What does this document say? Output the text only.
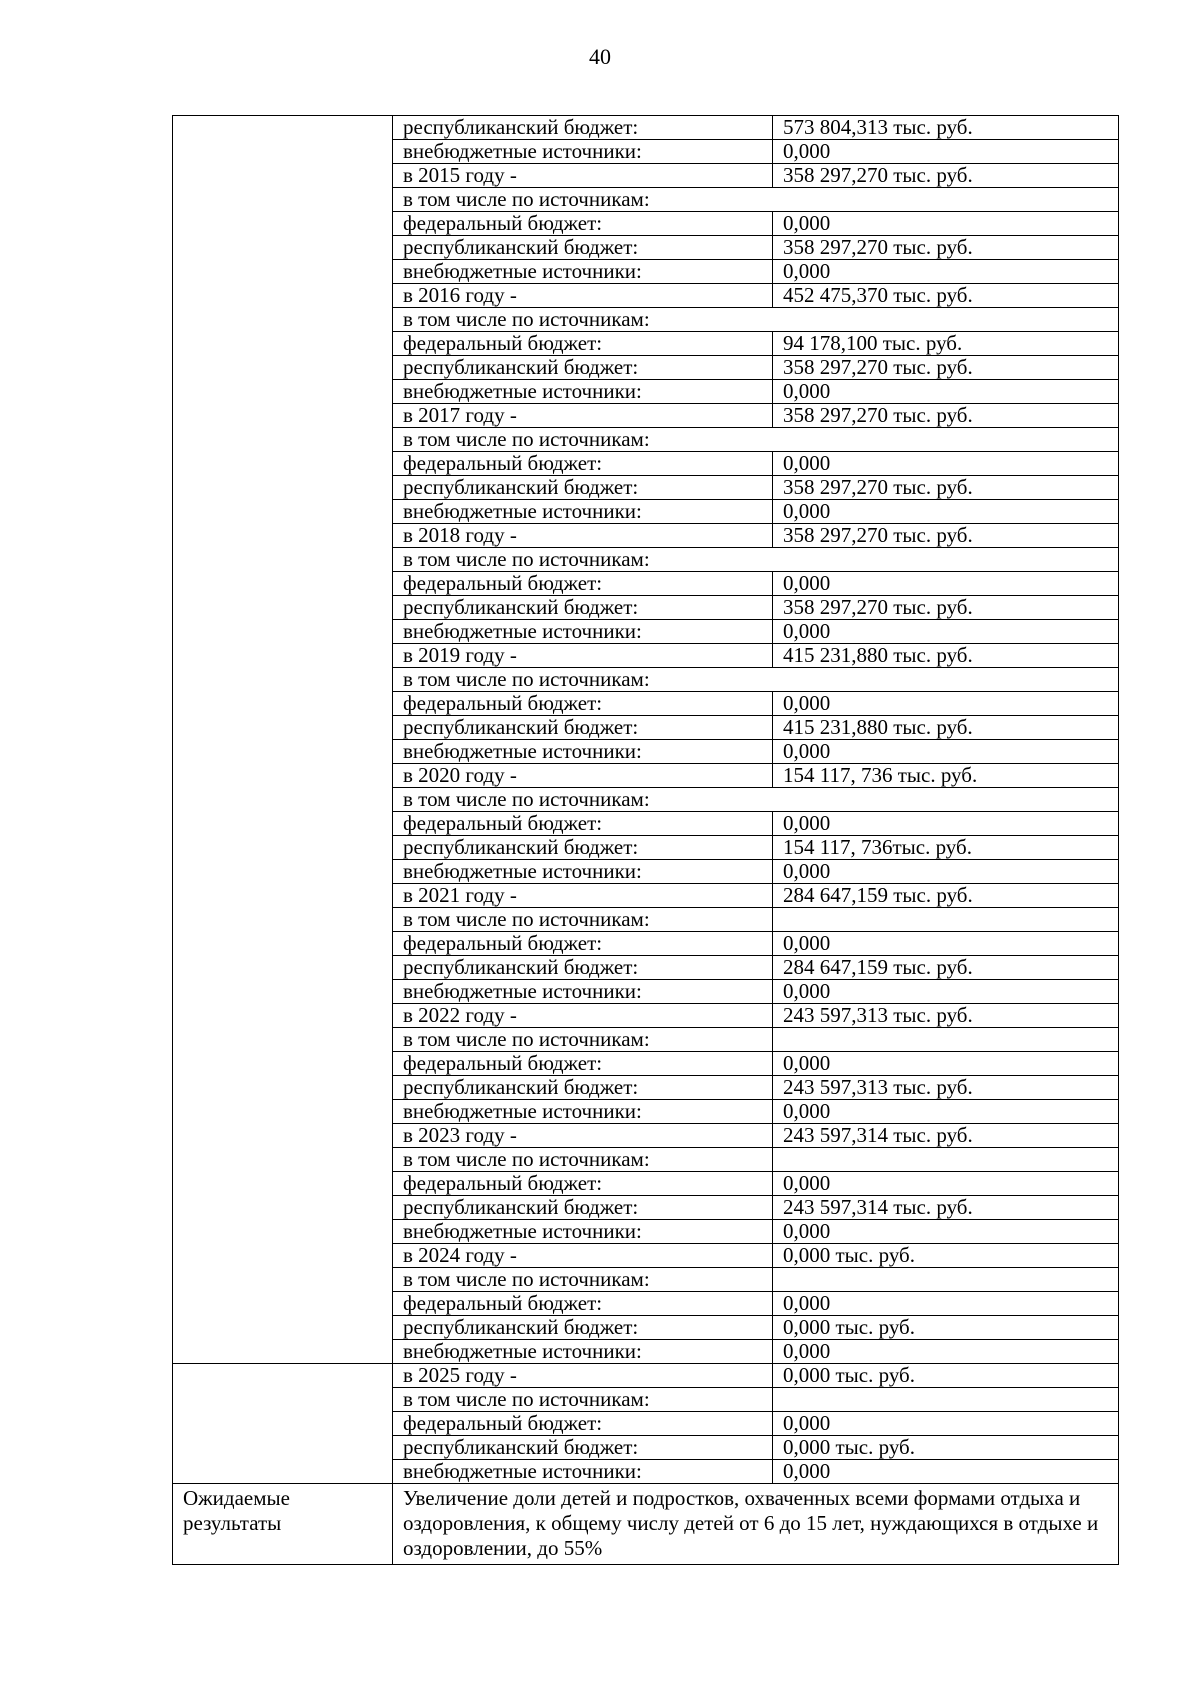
40
	республиканский бюджет:	573 804,313 тыс. руб.
	внебюджетные источники:	0,000
	в 2015 году -	358 297,270 тыс. руб.
	в том числе по источникам:	
	федеральный бюджет:	0,000
	республиканский бюджет:	358 297,270 тыс. руб.
	внебюджетные источники:	0,000
	в 2016 году -	452 475,370 тыс. руб.
	в том числе по источникам:	
	федеральный бюджет:	94 178,100 тыс. руб.
	республиканский бюджет:	358 297,270 тыс. руб.
	внебюджетные источники:	0,000
	в 2017 году -	358 297,270 тыс. руб.
	в том числе по источникам:	
	федеральный бюджет:	0,000
	республиканский бюджет:	358 297,270 тыс. руб.
	внебюджетные источники:	0,000
	в 2018 году -	358 297,270 тыс. руб.
	в том числе по источникам:	
	федеральный бюджет:	0,000
	республиканский бюджет:	358 297,270 тыс. руб.
	внебюджетные источники:	0,000
	в 2019 году -	415 231,880 тыс. руб.
	в том числе по источникам:	
	федеральный бюджет:	0,000
	республиканский бюджет:	415 231,880 тыс. руб.
	внебюджетные источники:	0,000
	в 2020 году -	154 117, 736 тыс. руб.
	в том числе по источникам:	
	федеральный бюджет:	0,000
	республиканский бюджет:	154 117, 736тыс. руб.
	внебюджетные источники:	0,000
	в 2021 году -	284 647,159 тыс. руб.
	в том числе по источникам:	
	федеральный бюджет:	0,000
	республиканский бюджет:	284 647,159 тыс. руб.
	внебюджетные источники:	0,000
	в 2022 году -	243 597,313 тыс. руб.
	в том числе по источникам:	
	федеральный бюджет:	0,000
	республиканский бюджет:	243 597,313 тыс. руб.
	внебюджетные источники:	0,000
	в 2023 году -	243 597,314 тыс. руб.
	в том числе по источникам:	
	федеральный бюджет:	0,000
	республиканский бюджет:	243 597,314 тыс. руб.
	внебюджетные источники:	0,000
	в 2024 году -	0,000 тыс. руб.
	в том числе по источникам:	
	федеральный бюджет:	0,000
	республиканский бюджет:	0,000 тыс. руб.
	внебюджетные источники:	0,000
	в 2025 году -	0,000 тыс. руб.
	в том числе по источникам:	
	федеральный бюджет:	0,000
	республиканский бюджет:	0,000 тыс. руб.
	внебюджетные источники:	0,000
Ожидаемые результаты	Увеличение доли детей и подростков, охваченных всеми формами отдыха и оздоровления, к общему числу детей от 6 до 15 лет, нуждающихся в отдыхе и оздоровлении, до 55%	
